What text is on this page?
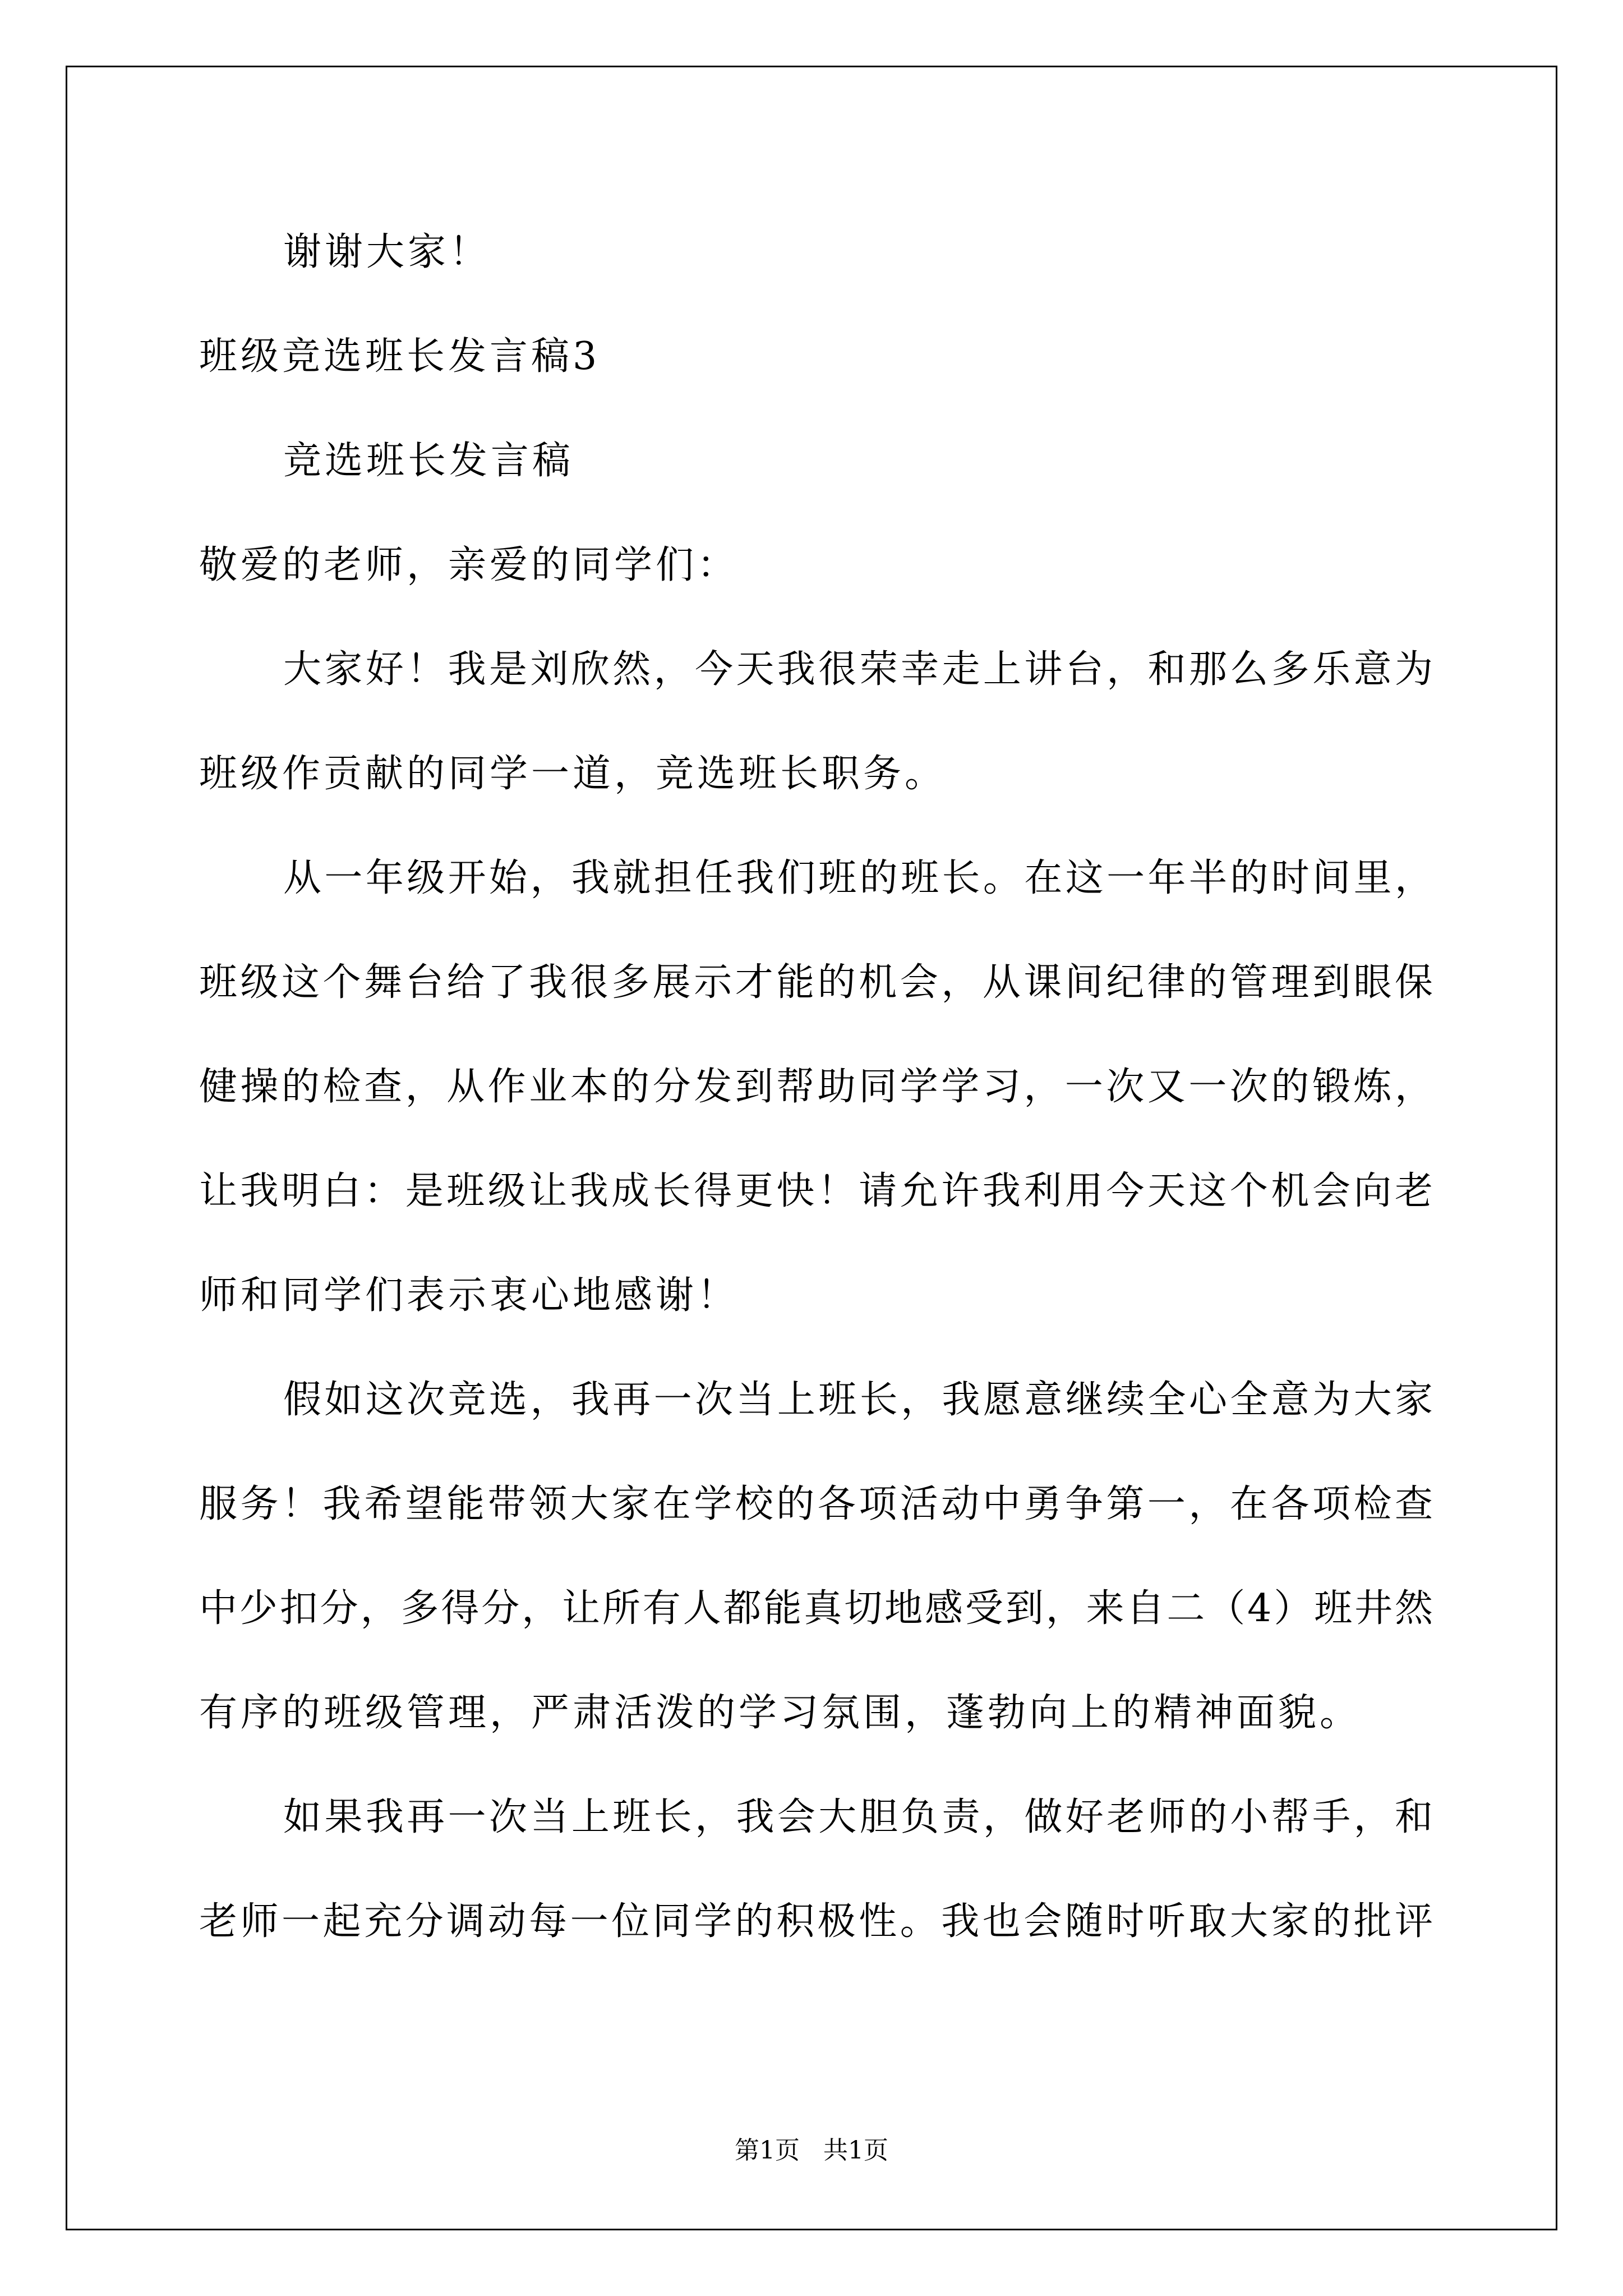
谢谢大家！
班级竞选班长发言稿3
竞选班长发言稿
敬爱的老师，亲爱的同学们：
大家好！我是刘欣然，今天我很荣幸走上讲台，和那么多乐意为
班级作贡献的同学一道，竞选班长职务。
从一年级开始，我就担任我们班的班长。在这一年半的时间里，
班级这个舞台给了我很多展示才能的机会，从课间纪律的管理到眼保
健操的检查，从作业本的分发到帮助同学学习，一次又一次的锻炼，
让我明白：是班级让我成长得更快！请允许我利用今天这个机会向老
师和同学们表示衷心地感谢！
假如这次竞选，我再一次当上班长，我愿意继续全心全意为大家
服务！我希望能带领大家在学校的各项活动中勇争第一，在各项检查
中少扣分，多得分，让所有人都能真切地感受到，来自二（4）班井然
有序的班级管理，严肃活泼的学习氛围，蓬勃向上的精神面貌。
如果我再一次当上班长，我会大胆负责，做好老师的小帮手，和
老师一起充分调动每一位同学的积极性。我也会随时听取大家的批评
第1页   共1页
